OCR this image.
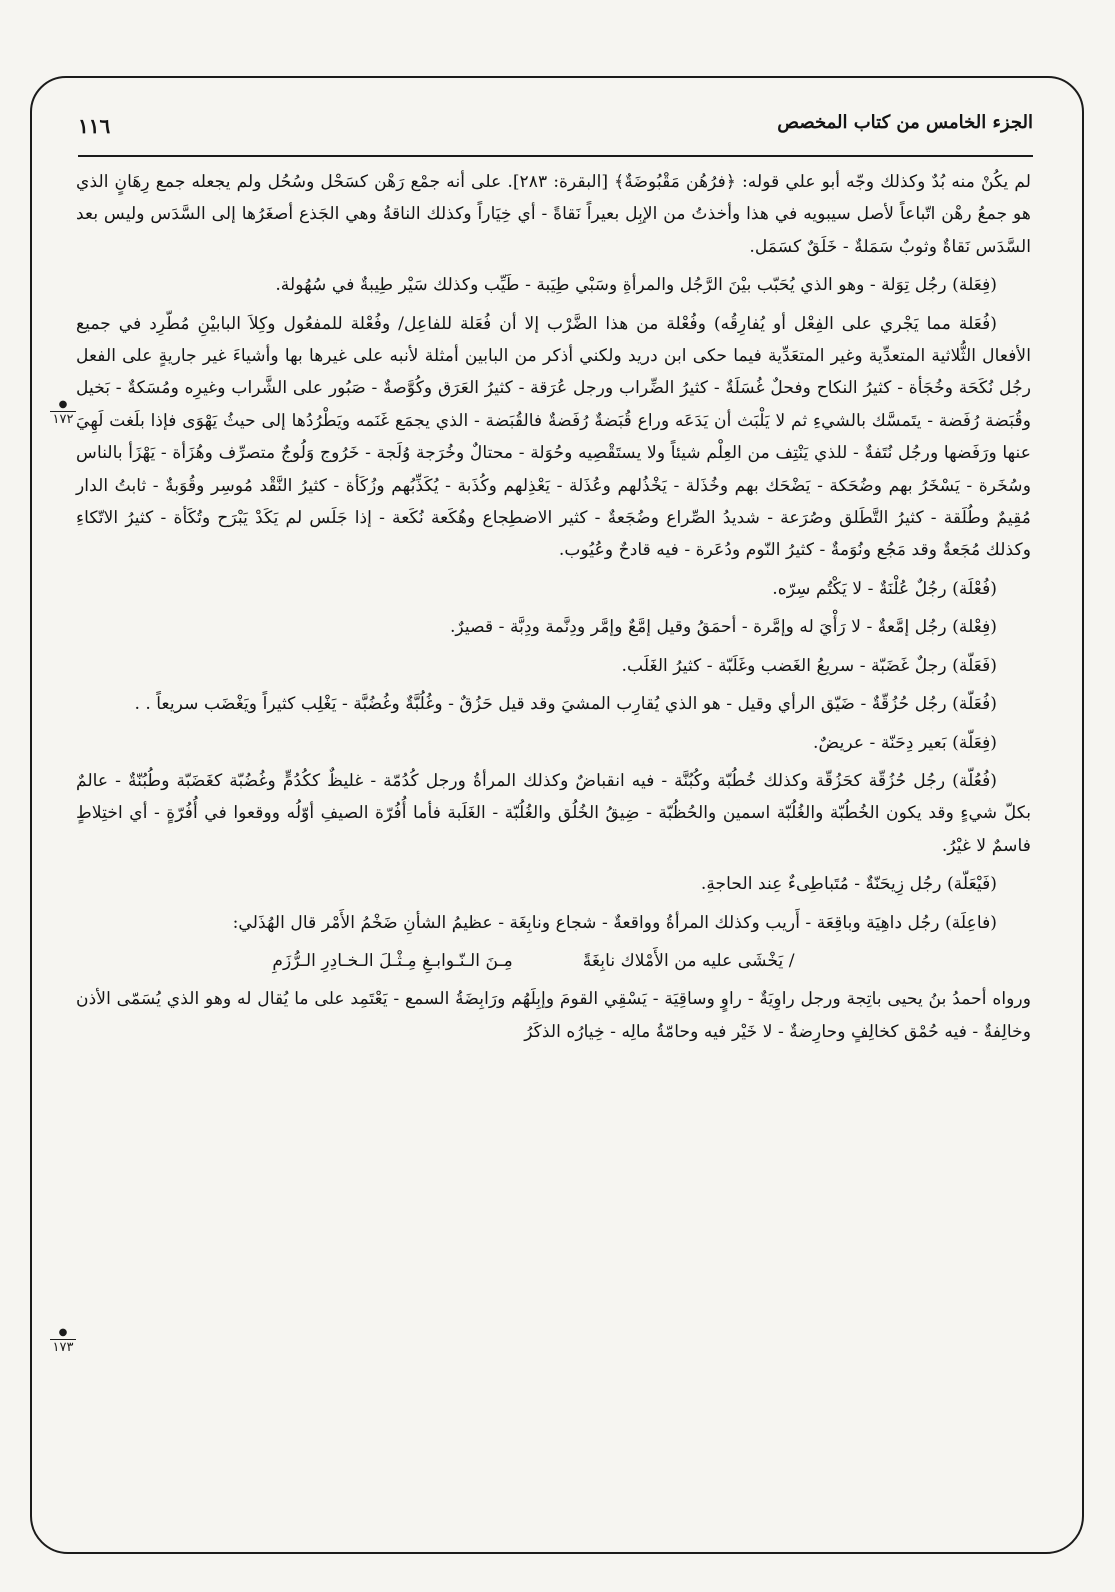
الجزء الخامس من كتاب المخصص
١١٦
●
١٧٢
●
١٧٣

لم يكُنْ منه بُدٌ وكذلك وجّه أبو علي قوله: ﴿فرُهُن مَقْبُوضَةٌ﴾ [البقرة: ٢٨٣]. على أنه جمْع رَهْن كسَحْل وسُحُل ولم يجعله جمع رِهَانٍ الذي هو جمعُ رهْن اتّباعاً لأصل سيبويه في هذا وأخذتُ من الإبِل بعيراً نَقاةً - أي خِيَاراً وكذلك الناقةُ وهي الجَذع أصغَرُها إلى السَّدَس وليس بعد السَّدَس نَقاةٌ وثوبٌ سَمَلةٌ - خَلَقٌ كسَمَل.

(فِعَلة) رجُل تِوَلة - وهو الذي يُحَبّب بيْنَ الرَّجُل والمرأةِ وسَبْي طِيَبة - طَيِّب وكذلك سَيْر طِيبةٌ في سُهُولة.

(فُعَلة مما يَجْري على الفِعْل أو يُفارِقُه) وفُعْلة من هذا الضَّرْب إلا أن فُعَلة للفاعِل/ وفُعْلة للمفعُول وكِلاَ البابيْنِ مُطّرِد في جميع الأفعال الثُّلاثية المتعدِّية وغير المتعَدِّية فيما حكى ابن دريد ولكني أذكر من البابين أمثلة لأنبه على غيرها بها وأشياءَ غير جاريةٍ على الفعل رجُل نُكَحَة وخُجَأة - كثيرُ النكاح وفحلٌ غُسَلَةٌ - كثيرُ الضِّراب ورجل عُرَقة - كثيرُ العَرَق وكُوَّصةٌ - صَبُور على الشَّراب وغيرِه ومُسَكةٌ - بَخيل وقُبَضة رُفَضة - يتَمسَّك بالشيءِ ثم لا يَلْبَث أن يَدَعَه وراع قُبَضةٌ رُفَضةٌ فالقُبَضة - الذي يجمَع غَنَمه ويَطْرُدُها إلى حيثُ يَهْوَى فإذا بلَغت لَهِيَ عنها ورَفَضها ورجُل نُتَفةٌ - للذي يَنْتِف من العِلْم شيئاً ولا يستَقْصِيه وحُوَلة - محتالٌ وخُرَجة وُلَجة - خَرُوج وَلُوجٌ متصرِّف وهُزَأة - يَهْزَأ بالناس وسُخَرة - يَسْخَرُ بهم وضُحَكة - يَضْحَك بهم وخُذَلة - يَخْذُلهم وعُذَلة - يَعْذِلهم وكُذَبة - يُكَذِّبُهم وزُكَأة - كثيرُ النَّقْد مُوسِر وقُوَبةٌ - ثابتُ الدار مُقِيمٌ وطُلَقة - كثيرُ التَّطَلق وصُرَعة - شديدُ الصِّراع وضُجَعةٌ - كثير الاضطِجاع وهُكَعة نُكَعة - إذا جَلَس لم يَكَدْ يَبْرَح وتُكَأة - كثيرُ الاتّكاءِ وكذلك مُجَعةٌ وقد مَجُع ونُوَمةٌ - كثيرُ النّوم ودُعَرة - فيه قادحٌ وعُيُوب.

(فُعْلَة) رجُلٌ عُلْنَةٌ - لا يَكْتُم سِرّه.

(فِعْلة) رجُل إمَّعةٌ - لا رَأْيَ له وإمَّرة - أحمَقُ وقيل إمَّعٌ وإمَّر ودِنَّمة ودِبَّة - قصيرٌ.

(فَعَلّة) رجلٌ غَضَبّة - سريعُ الغَضب وغَلَبّة - كثيرُ الغَلَب.

(فُعَلّة) رجُل حُزُقّةٌ - ضَيّق الرأي وقيل - هو الذي يُقارِب المشيَ وقد قيل حَزُقٌ - وغُلُبَّةٌ وغُضُبَّة - يَغْلِب كثيراً ويَغْضَب سريعاً . .

(فِعَلّة) بَعير دِحَنّة - عريضٌ.

(فُعُلّة) رجُل حُزُقّة كحَزُقّة وكذلك خُطُبّة وكُبُنَّة - فيه انقباضٌ وكذلك المرأةُ ورجل كُدُمّة - غليظٌ ككُدُمٍّ وغُضُبّة كغَضَبّة وطُبُنّةٌ - عالمٌ بكلّ شيءٍ وقد يكون الخُطُبّة والغُلُبّة اسمين والحُظُبّة - ضِيقُ الخُلُق والغُلُبّة - الغَلَبة فأما أُفُرّة الصيفِ أوّلُه ووقعوا في أُفُرّةٍ - أي اختِلاطٍ فاسمٌ لا غيْرُ.

(فَيْعَلّة) رجُل زِيحَنّةٌ - مُتَباطِىءٌ عِند الحاجةِ.

(فاعِلَة) رجُل داهِيَة وباقِعَة - أَريب وكذلك المرأةُ وواقعةٌ - شجاع ونابِغَة - عظيمُ الشأنِ ضَخْمُ الأَمْر قال الهُذَلي:

/ يَخْشَى عليه من الأَمْلاك نابِغَةً
مِـنَ الـنّـوابـغِ مِـثْـلَ الـخـادِرِ الـرُّزَمِ

ورواه أحمدُ بنُ يحيى باتِجة ورجل راوِيَةٌ - راوٍ وساقِيَة - يَسْقِي القومَ وإبِلَهُم ورَابِضَةُ السمع - يَعْتَمِد على ما يُقال له وهو الذي يُسَمّى الأذن وخالِفةٌ - فيه حُمْق كخالِفٍ وحارِضةٌ - لا خَيْر فيه وحامّةُ مالِه - خِيارُه الذكَرُ
